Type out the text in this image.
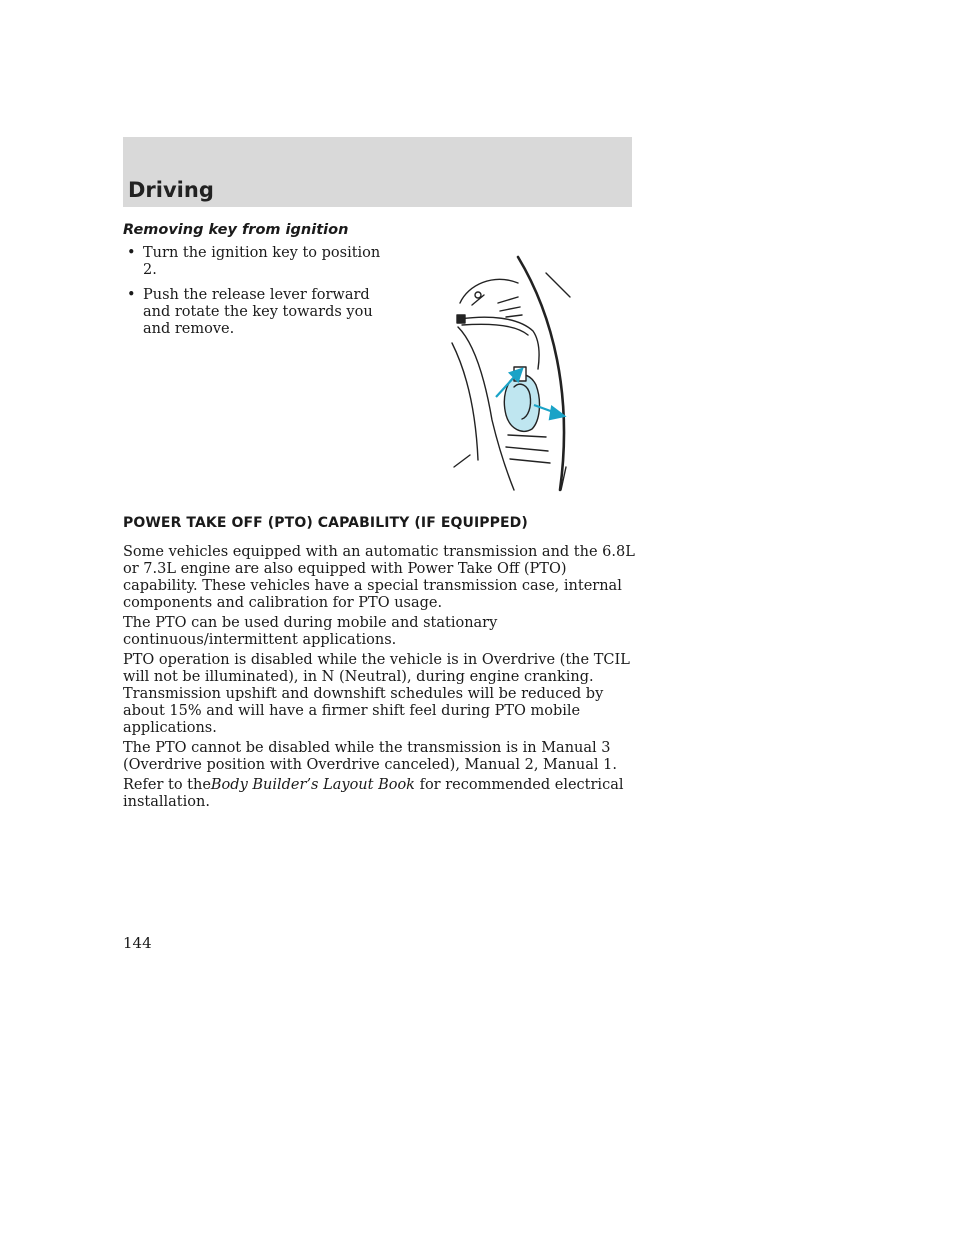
Driving
Removing key from ignition
• Turn the ignition key to position 2.
• Push the release lever forward and rotate the key towards you and remove.
POWER TAKE OFF (PTO) CAPABILITY (IF EQUIPPED)

Some vehicles equipped with an automatic transmission and the 6.8L or 7.3L engine are also equipped with Power Take Off (PTO) capability. These vehicles have a special transmission case, internal components and calibration for PTO usage.

The PTO can be used during mobile and stationary continuous/intermittent applications.

PTO operation is disabled while the vehicle is in Overdrive (the TCIL will not be illuminated), in N (Neutral), during engine cranking. Transmission upshift and downshift schedules will be reduced by about 15% and will have a firmer shift feel during PTO mobile applications.

The PTO cannot be disabled while the transmission is in Manual 3 (Overdrive position with Overdrive canceled), Manual 2, Manual 1.

Refer to theBody Builder’s Layout Book for recommended electrical installation.

144
